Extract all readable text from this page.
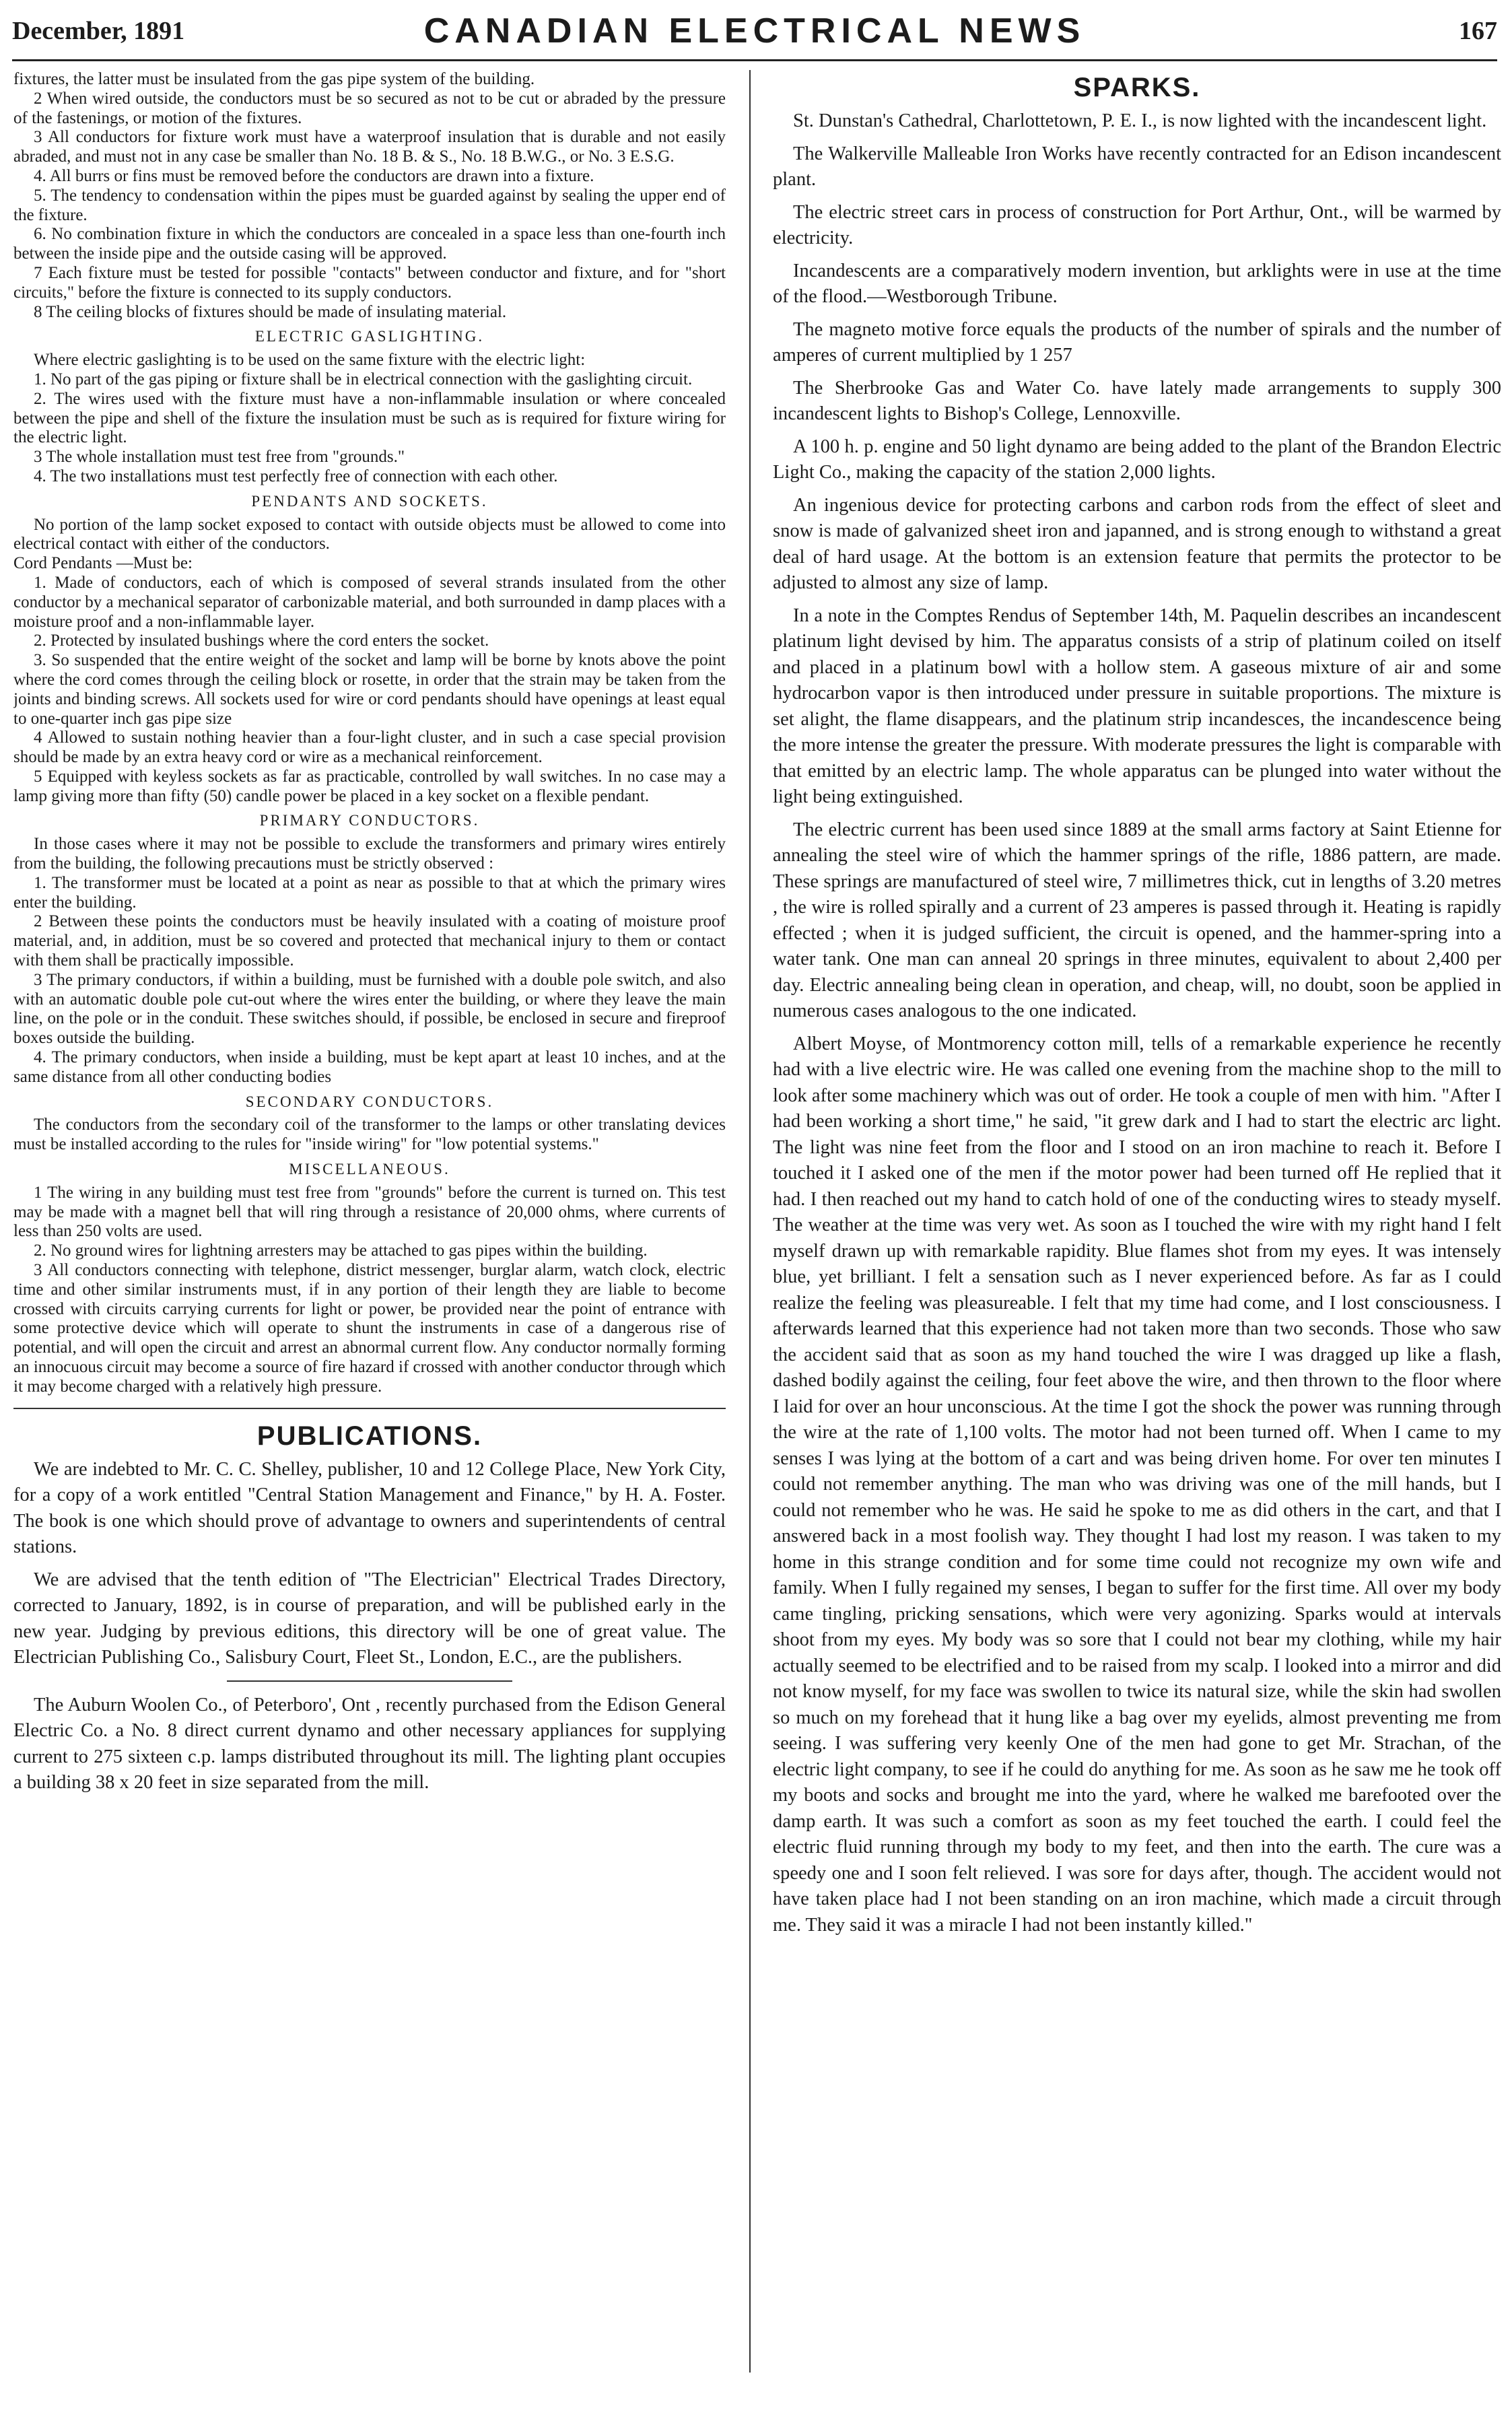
December, 1891	CANADIAN ELECTRICAL NEWS	167

fixtures, the latter must be insulated from the gas pipe system of the building.

2 When wired outside, the conductors must be so secured as not to be cut or abraded by the pressure of the fastenings, or motion of the fixtures.

3 All conductors for fixture work must have a waterproof insulation that is durable and not easily abraded, and must not in any case be smaller than No. 18 B. & S., No. 18 B.W.G., or No. 3 E.S.G.

4. All burrs or fins must be removed before the conductors are drawn into a fixture.

5. The tendency to condensation within the pipes must be guarded against by sealing the upper end of the fixture.

6. No combination fixture in which the conductors are concealed in a space less than one-fourth inch between the inside pipe and the outside casing will be approved.

7 Each fixture must be tested for possible "contacts" between conductor and fixture, and for "short circuits," before the fixture is connected to its supply conductors.

8 The ceiling blocks of fixtures should be made of insulating material.

ELECTRIC GASLIGHTING.

Where electric gaslighting is to be used on the same fixture with the electric light:

1. No part of the gas piping or fixture shall be in electrical connection with the gaslighting circuit.

2. The wires used with the fixture must have a non-inflammable insulation or where concealed between the pipe and shell of the fixture the insulation must be such as is required for fixture wiring for the electric light.

3 The whole installation must test free from "grounds."

4. The two installations must test perfectly free of connection with each other.

PENDANTS AND SOCKETS.

No portion of the lamp socket exposed to contact with outside objects must be allowed to come into electrical contact with either of the conductors.

Cord Pendants —Must be:

1. Made of conductors, each of which is composed of several strands insulated from the other conductor by a mechanical separator of carbonizable material, and both surrounded in damp places with a moisture proof and a non-inflammable layer.

2. Protected by insulated bushings where the cord enters the socket.

3. So suspended that the entire weight of the socket and lamp will be borne by knots above the point where the cord comes through the ceiling block or rosette, in order that the strain may be taken from the joints and binding screws. All sockets used for wire or cord pendants should have openings at least equal to one-quarter inch gas pipe size

4 Allowed to sustain nothing heavier than a four-light cluster, and in such a case special provision should be made by an extra heavy cord or wire as a mechanical reinforcement.

5 Equipped with keyless sockets as far as practicable, controlled by wall switches. In no case may a lamp giving more than fifty (50) candle power be placed in a key socket on a flexible pendant.

PRIMARY CONDUCTORS.

In those cases where it may not be possible to exclude the transformers and primary wires entirely from the building, the following precautions must be strictly observed :

1. The transformer must be located at a point as near as possible to that at which the primary wires enter the building.

2 Between these points the conductors must be heavily insulated with a coating of moisture proof material, and, in addition, must be so covered and protected that mechanical injury to them or contact with them shall be practically impossible.

3 The primary conductors, if within a building, must be furnished with a double pole switch, and also with an automatic double pole cut-out where the wires enter the building, or where they leave the main line, on the pole or in the conduit. These switches should, if possible, be enclosed in secure and fireproof boxes outside the building.

4. The primary conductors, when inside a building, must be kept apart at least 10 inches, and at the same distance from all other conducting bodies

SECONDARY CONDUCTORS.

The conductors from the secondary coil of the transformer to the lamps or other translating devices must be installed according to the rules for "inside wiring" for "low potential systems."

MISCELLANEOUS.

1 The wiring in any building must test free from "grounds" before the current is turned on. This test may be made with a magnet bell that will ring through a resistance of 20,000 ohms, where currents of less than 250 volts are used.

2. No ground wires for lightning arresters may be attached to gas pipes within the building.

3 All conductors connecting with telephone, district messenger, burglar alarm, watch clock, electric time and other similar instruments must, if in any portion of their length they are liable to become crossed with circuits carrying currents for light or power, be provided near the point of entrance with some protective device which will operate to shunt the instruments in case of a dangerous rise of potential, and will open the circuit and arrest an abnormal current flow. Any conductor normally forming an innocuous circuit may become a source of fire hazard if crossed with another conductor through which it may become charged with a relatively high pressure.

PUBLICATIONS.

We are indebted to Mr. C. C. Shelley, publisher, 10 and 12 College Place, New York City, for a copy of a work entitled "Central Station Management and Finance," by H. A. Foster. The book is one which should prove of advantage to owners and superintendents of central stations.

We are advised that the tenth edition of "The Electrician" Electrical Trades Directory, corrected to January, 1892, is in course of preparation, and will be published early in the new year. Judging by previous editions, this directory will be one of great value. The Electrician Publishing Co., Salisbury Court, Fleet St., London, E.C., are the publishers.

The Auburn Woolen Co., of Peterboro', Ont , recently purchased from the Edison General Electric Co. a No. 8 direct current dynamo and other necessary appliances for supplying current to 275 sixteen c.p. lamps distributed throughout its mill. The lighting plant occupies a building 38 x 20 feet in size separated from the mill.

SPARKS.

St. Dunstan's Cathedral, Charlottetown, P. E. I., is now lighted with the incandescent light.

The Walkerville Malleable Iron Works have recently contracted for an Edison incandescent plant.

The electric street cars in process of construction for Port Arthur, Ont., will be warmed by electricity.

Incandescents are a comparatively modern invention, but arklights were in use at the time of the flood.—Westborough Tribune.

The magneto motive force equals the products of the number of spirals and the number of amperes of current multiplied by 1 257

The Sherbrooke Gas and Water Co. have lately made arrangements to supply 300 incandescent lights to Bishop's College, Lennoxville.

A 100 h. p. engine and 50 light dynamo are being added to the plant of the Brandon Electric Light Co., making the capacity of the station 2,000 lights.

An ingenious device for protecting carbons and carbon rods from the effect of sleet and snow is made of galvanized sheet iron and japanned, and is strong enough to withstand a great deal of hard usage. At the bottom is an extension feature that permits the protector to be adjusted to almost any size of lamp.

In a note in the Comptes Rendus of September 14th, M. Paquelin describes an incandescent platinum light devised by him. The apparatus consists of a strip of platinum coiled on itself and placed in a platinum bowl with a hollow stem. A gaseous mixture of air and some hydrocarbon vapor is then introduced under pressure in suitable proportions. The mixture is set alight, the flame disappears, and the platinum strip incandesces, the incandescence being the more intense the greater the pressure. With moderate pressures the light is comparable with that emitted by an electric lamp. The whole apparatus can be plunged into water without the light being extinguished.

The electric current has been used since 1889 at the small arms factory at Saint Etienne for annealing the steel wire of which the hammer springs of the rifle, 1886 pattern, are made. These springs are manufactured of steel wire, 7 millimetres thick, cut in lengths of 3.20 metres , the wire is rolled spirally and a current of 23 amperes is passed through it. Heating is rapidly effected ; when it is judged sufficient, the circuit is opened, and the hammer-spring into a water tank. One man can anneal 20 springs in three minutes, equivalent to about 2,400 per day. Electric annealing being clean in operation, and cheap, will, no doubt, soon be applied in numerous cases analogous to the one indicated.

Albert Moyse, of Montmorency cotton mill, tells of a remarkable experience he recently had with a live electric wire. He was called one evening from the machine shop to the mill to look after some machinery which was out of order. He took a couple of men with him. "After I had been working a short time," he said, "it grew dark and I had to start the electric arc light. The light was nine feet from the floor and I stood on an iron machine to reach it. Before I touched it I asked one of the men if the motor power had been turned off He replied that it had. I then reached out my hand to catch hold of one of the conducting wires to steady myself. The weather at the time was very wet. As soon as I touched the wire with my right hand I felt myself drawn up with remarkable rapidity. Blue flames shot from my eyes. It was intensely blue, yet brilliant. I felt a sensation such as I never experienced before. As far as I could realize the feeling was pleasureable. I felt that my time had come, and I lost consciousness. I afterwards learned that this experience had not taken more than two seconds. Those who saw the accident said that as soon as my hand touched the wire I was dragged up like a flash, dashed bodily against the ceiling, four feet above the wire, and then thrown to the floor where I laid for over an hour unconscious. At the time I got the shock the power was running through the wire at the rate of 1,100 volts. The motor had not been turned off. When I came to my senses I was lying at the bottom of a cart and was being driven home. For over ten minutes I could not remember anything. The man who was driving was one of the mill hands, but I could not remember who he was. He said he spoke to me as did others in the cart, and that I answered back in a most foolish way. They thought I had lost my reason. I was taken to my home in this strange condition and for some time could not recognize my own wife and family. When I fully regained my senses, I began to suffer for the first time. All over my body came tingling, pricking sensations, which were very agonizing. Sparks would at intervals shoot from my eyes. My body was so sore that I could not bear my clothing, while my hair actually seemed to be electrified and to be raised from my scalp. I looked into a mirror and did not know myself, for my face was swollen to twice its natural size, while the skin had swollen so much on my forehead that it hung like a bag over my eyelids, almost preventing me from seeing. I was suffering very keenly One of the men had gone to get Mr. Strachan, of the electric light company, to see if he could do anything for me. As soon as he saw me he took off my boots and socks and brought me into the yard, where he walked me barefooted over the damp earth. It was such a comfort as soon as my feet touched the earth. I could feel the electric fluid running through my body to my feet, and then into the earth. The cure was a speedy one and I soon felt relieved. I was sore for days after, though. The accident would not have taken place had I not been standing on an iron machine, which made a circuit through me. They said it was a miracle I had not been instantly killed."
